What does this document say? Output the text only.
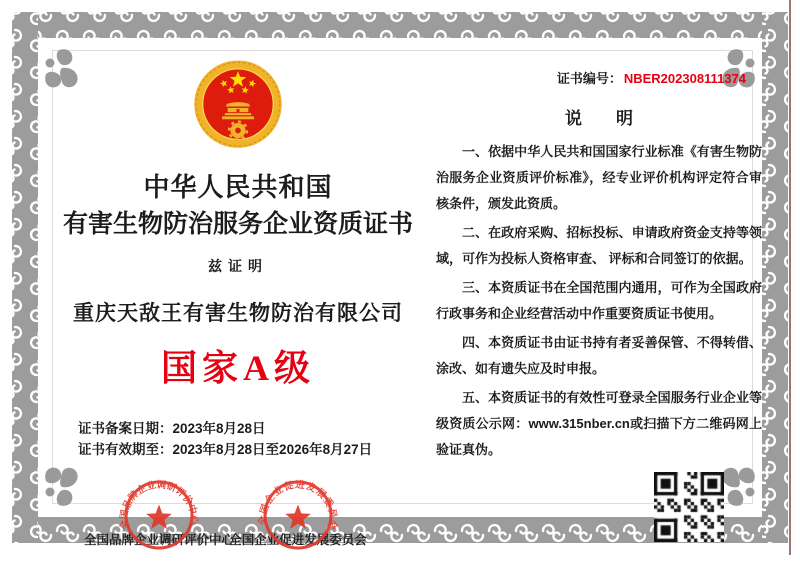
中华人民共和国
有害生物防治服务企业资质证书
兹证明
重庆天敌王有害生物防治有限公司
国家A级
证书备案日期：2023年8月28日
证书有效期至：2023年8月28日至2026年8月27日
全国品牌企业调研评价中心
全国品牌企业调研评价中心
全国企业促进发展委员会
全国企业促进发展委员会
证书编号： NBER202308111374
说　　明

一、依据中华人民共和国国家行业标准《有害生物防治服务企业资质评价标准》，经专业评价机构评定符合审核条件，颁发此资质。

二、在政府采购、招标投标、申请政府资金支持等领域，可作为投标人资格审查、 评标和合同签订的依据。

三、本资质证书在全国范围内通用，可作为全国政府行政事务和企业经营活动中作重要资质证书使用。

四、本资质证书由证书持有者妥善保管、不得转借、涂改、如有遗失应及时申报。

五、本资质证书的有效性可登录全国服务行业企业等级资质公示网：www.315nber.cn或扫描下方二维码网上验证真伪。
